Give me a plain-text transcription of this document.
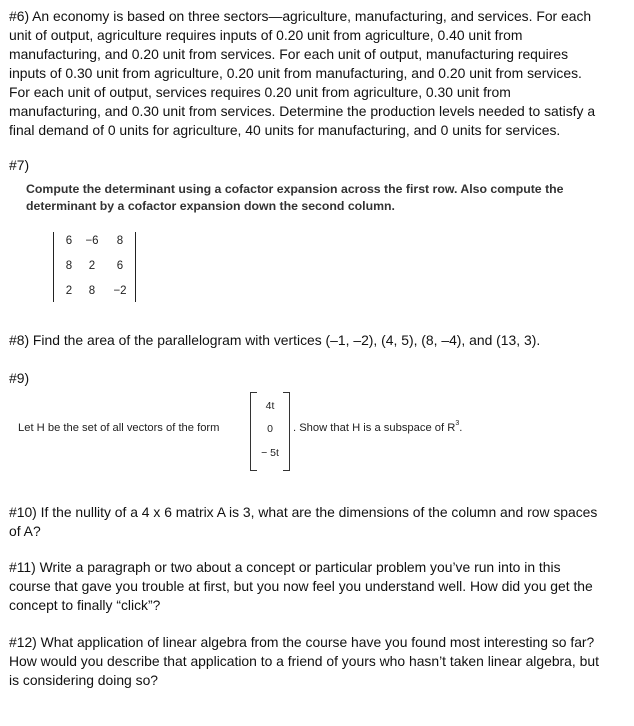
#6) An economy is based on three sectors—agriculture, manufacturing, and services. For each
unit of output, agriculture requires inputs of 0.20 unit from agriculture, 0.40 unit from
manufacturing, and 0.20 unit from services. For each unit of output, manufacturing requires
inputs of 0.30 unit from agriculture, 0.20 unit from manufacturing, and 0.20 unit from services.
For each unit of output, services requires 0.20 unit from agriculture, 0.30 unit from
manufacturing, and 0.30 unit from services. Determine the production levels needed to satisfy a
final demand of 0 units for agriculture, 40 units for manufacturing, and 0 units for services.
#7)
Compute the determinant using a cofactor expansion across the first row. Also compute the
determinant by a cofactor expansion down the second column.
6	−6	8
8	2	6
2	8	−2
#8) Find the area of the parallelogram with vertices (–1, –2), (4, 5), (8, –4), and (13, 3).
#9)
Let H be the set of all vectors of the form
4t
0
− 5t
. Show that H is a subspace of $R^3$.
#10) If the nullity of a 4 x 6 matrix A is 3, what are the dimensions of the column and row spaces
of A?
#11) Write a paragraph or two about a concept or particular problem you’ve run into in this
course that gave you trouble at first, but you now feel you understand well. How did you get the
concept to finally “click”?
#12) What application of linear algebra from the course have you found most interesting so far?
How would you describe that application to a friend of yours who hasn’t taken linear algebra, but
is considering doing so?
